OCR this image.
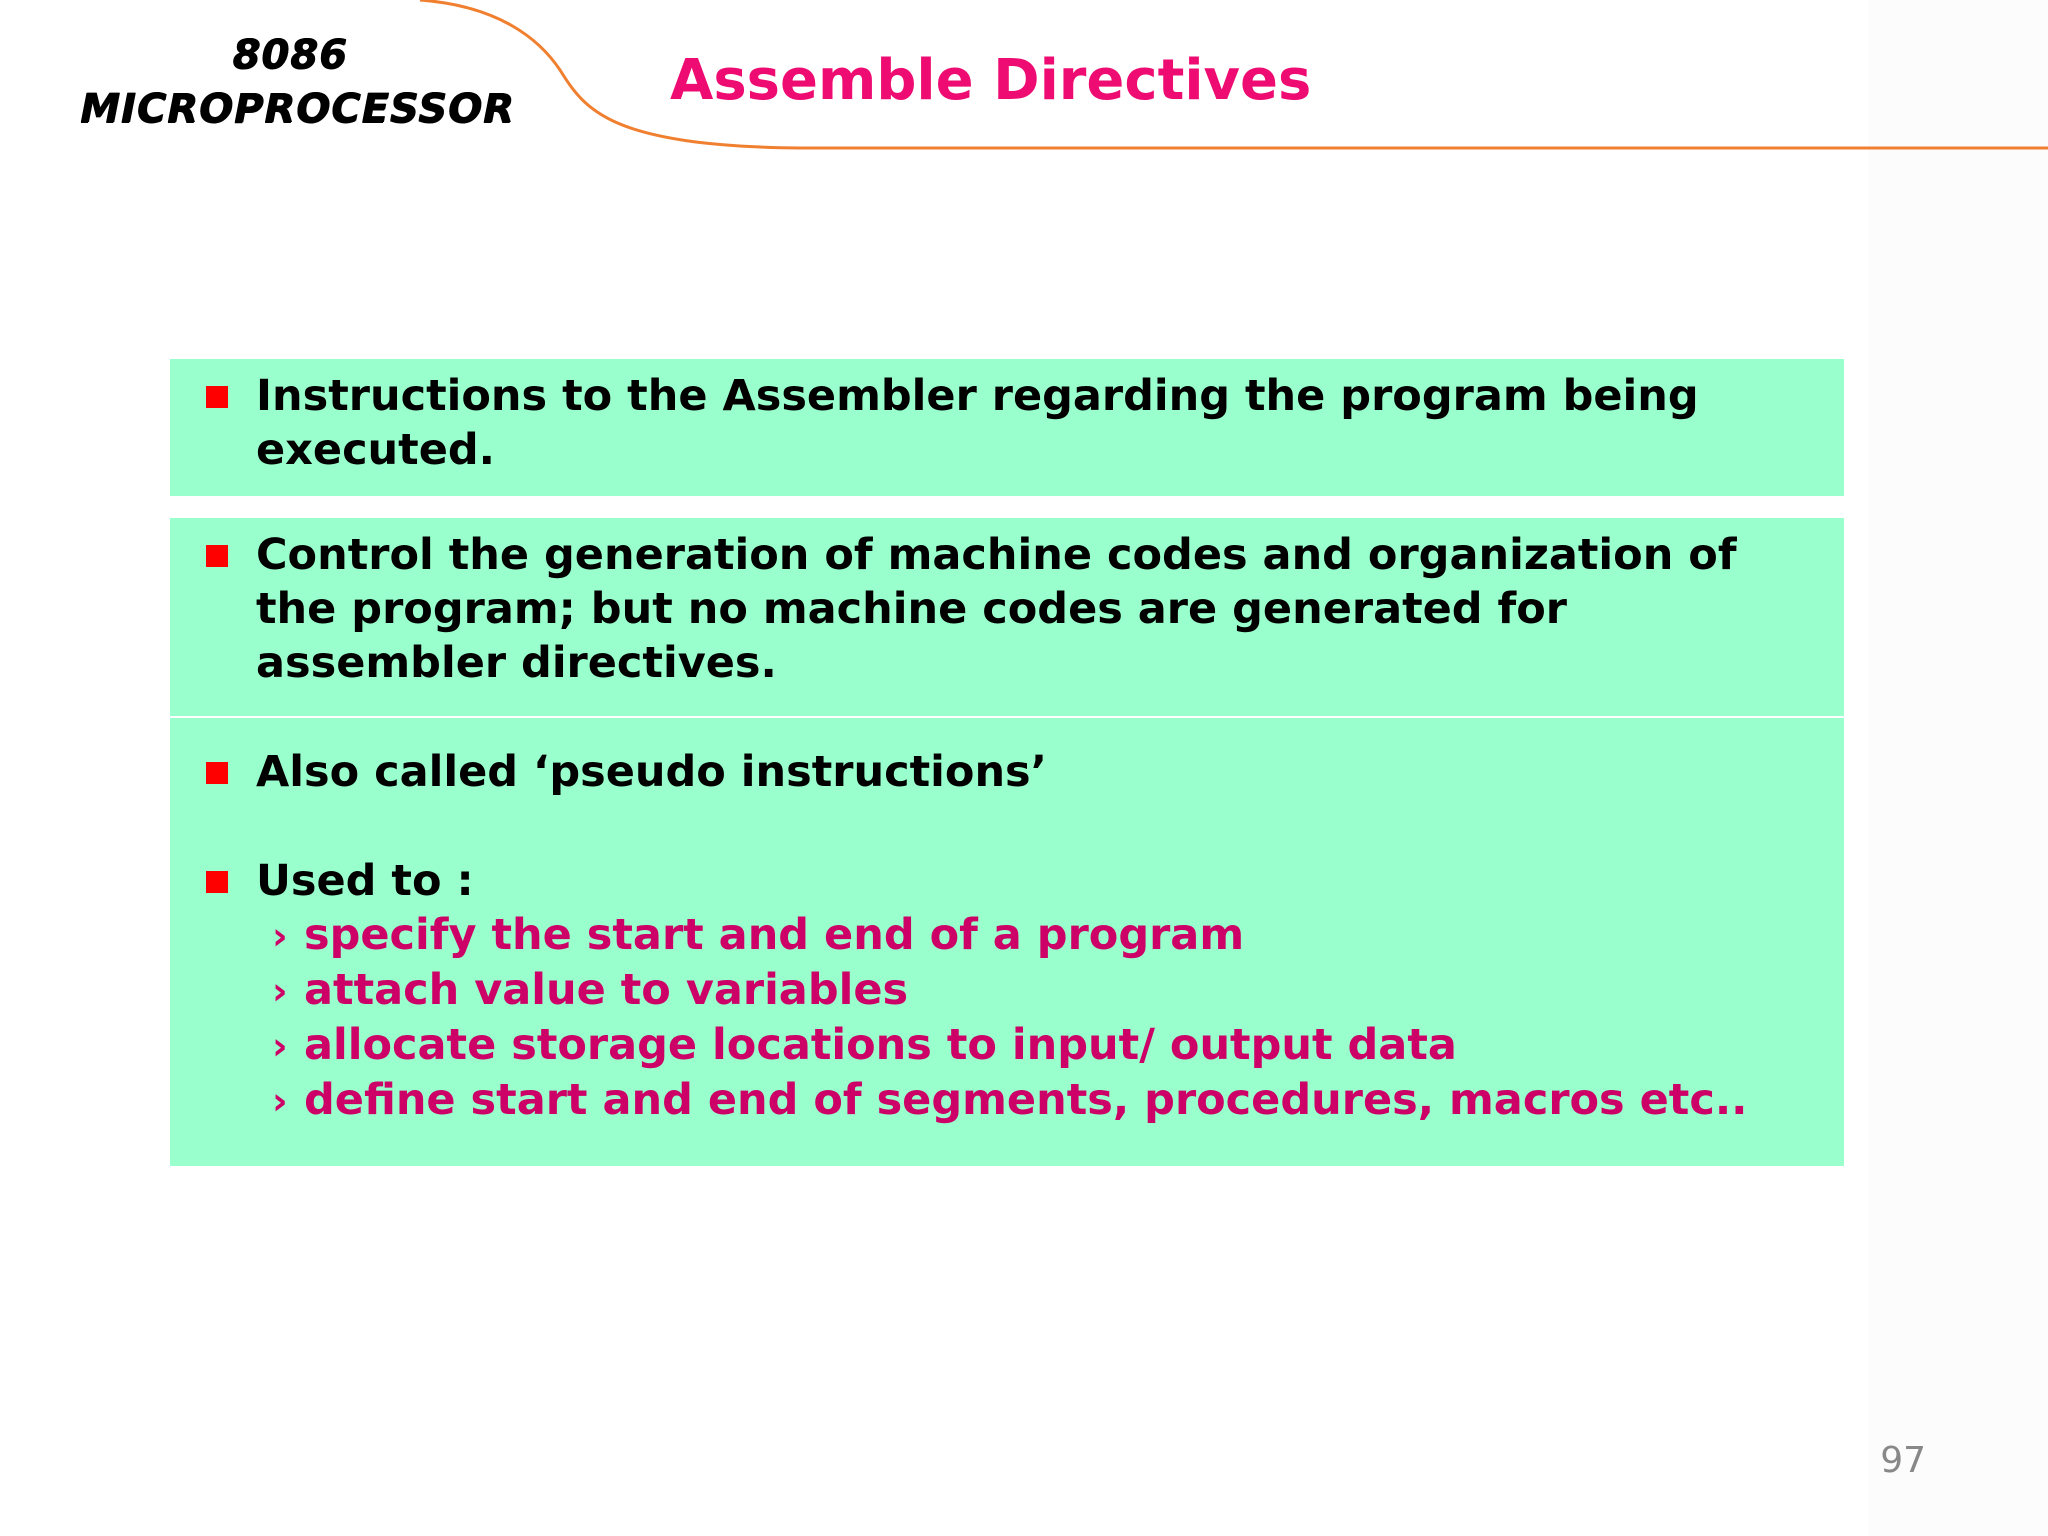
8086
MICROPROCESSOR	Assemble Directives
Instructions to the Assembler regarding the program being executed.
Control the generation of machine codes and organization of the program; but no machine codes are generated for assembler directives.
Also called ‘pseudo instructions’
Used to :
› specify the start and end of a program
› attach value to variables
› allocate storage locations to input/ output data
› define start and end of segments, procedures, macros etc..
97
